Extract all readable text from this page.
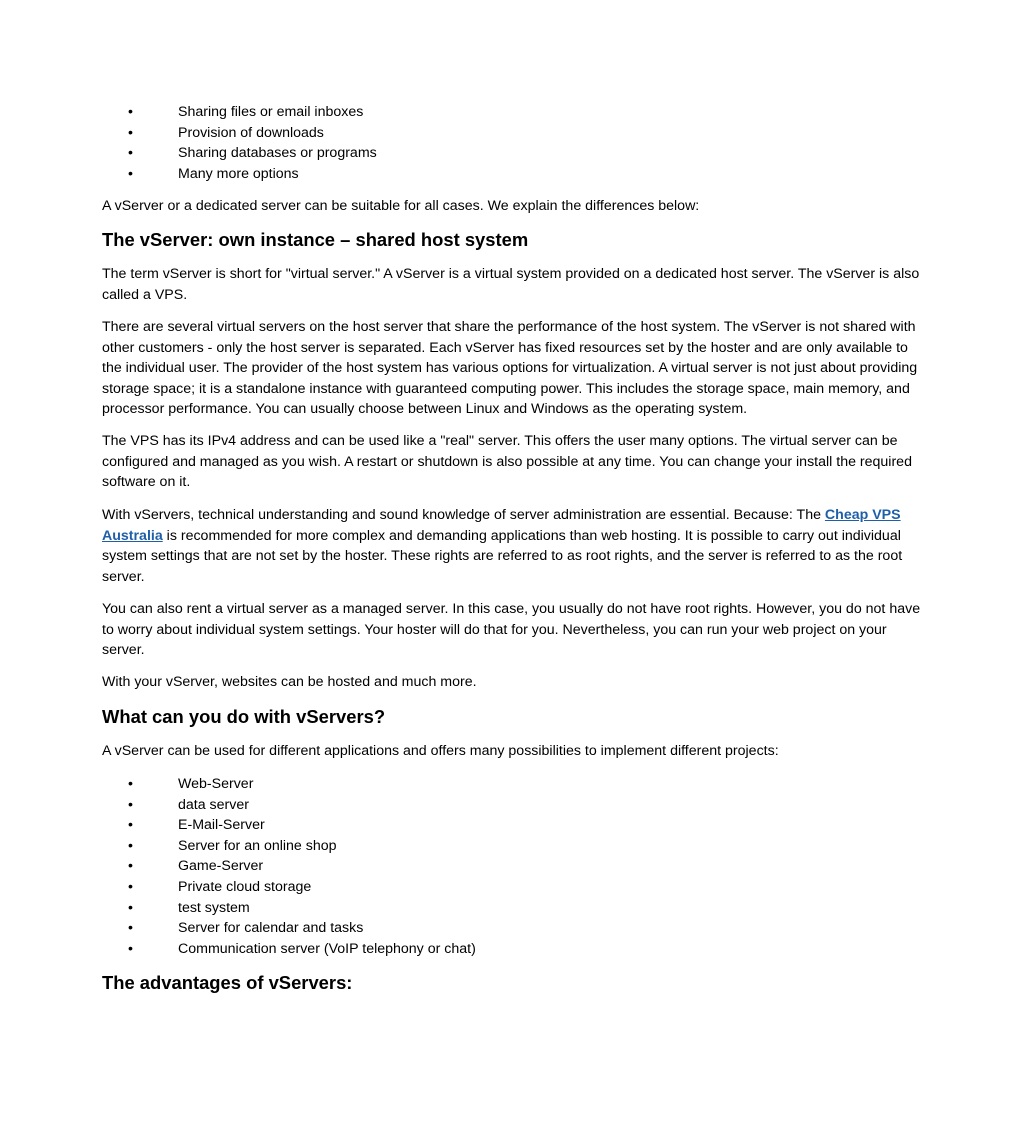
•	Sharing files or email inboxes
•	Provision of downloads
•	Sharing databases or programs
•	Many more options

A vServer or a dedicated server can be suitable for all cases. We explain the differences below:

The vServer: own instance – shared host system

The term vServer is short for "virtual server." A vServer is a virtual system provided on a dedicated host server. The vServer is also called a VPS.

There are several virtual servers on the host server that share the performance of the host system. The vServer is not shared with other customers - only the host server is separated. Each vServer has fixed resources set by the hoster and are only available to the individual user. The provider of the host system has various options for virtualization. A virtual server is not just about providing storage space; it is a standalone instance with guaranteed computing power. This includes the storage space, main memory, and processor performance. You can usually choose between Linux and Windows as the operating system.

The VPS has its IPv4 address and can be used like a "real" server. This offers the user many options. The virtual server can be configured and managed as you wish. A restart or shutdown is also possible at any time. You can change your install the required software on it.

With vServers, technical understanding and sound knowledge of server administration are essential. Because: The Cheap VPS Australia is recommended for more complex and demanding applications than web hosting. It is possible to carry out individual system settings that are not set by the hoster. These rights are referred to as root rights, and the server is referred to as the root server.

You can also rent a virtual server as a managed server. In this case, you usually do not have root rights. However, you do not have to worry about individual system settings. Your hoster will do that for you. Nevertheless, you can run your web project on your server.

With your vServer, websites can be hosted and much more.

What can you do with vServers?

A vServer can be used for different applications and offers many possibilities to implement different projects:

•	Web-Server
•	data server
•	E-Mail-Server
•	Server for an online shop
•	Game-Server
•	Private cloud storage
•	test system
•	Server for calendar and tasks
•	Communication server (VoIP telephony or chat)
The advantages of vServers:
